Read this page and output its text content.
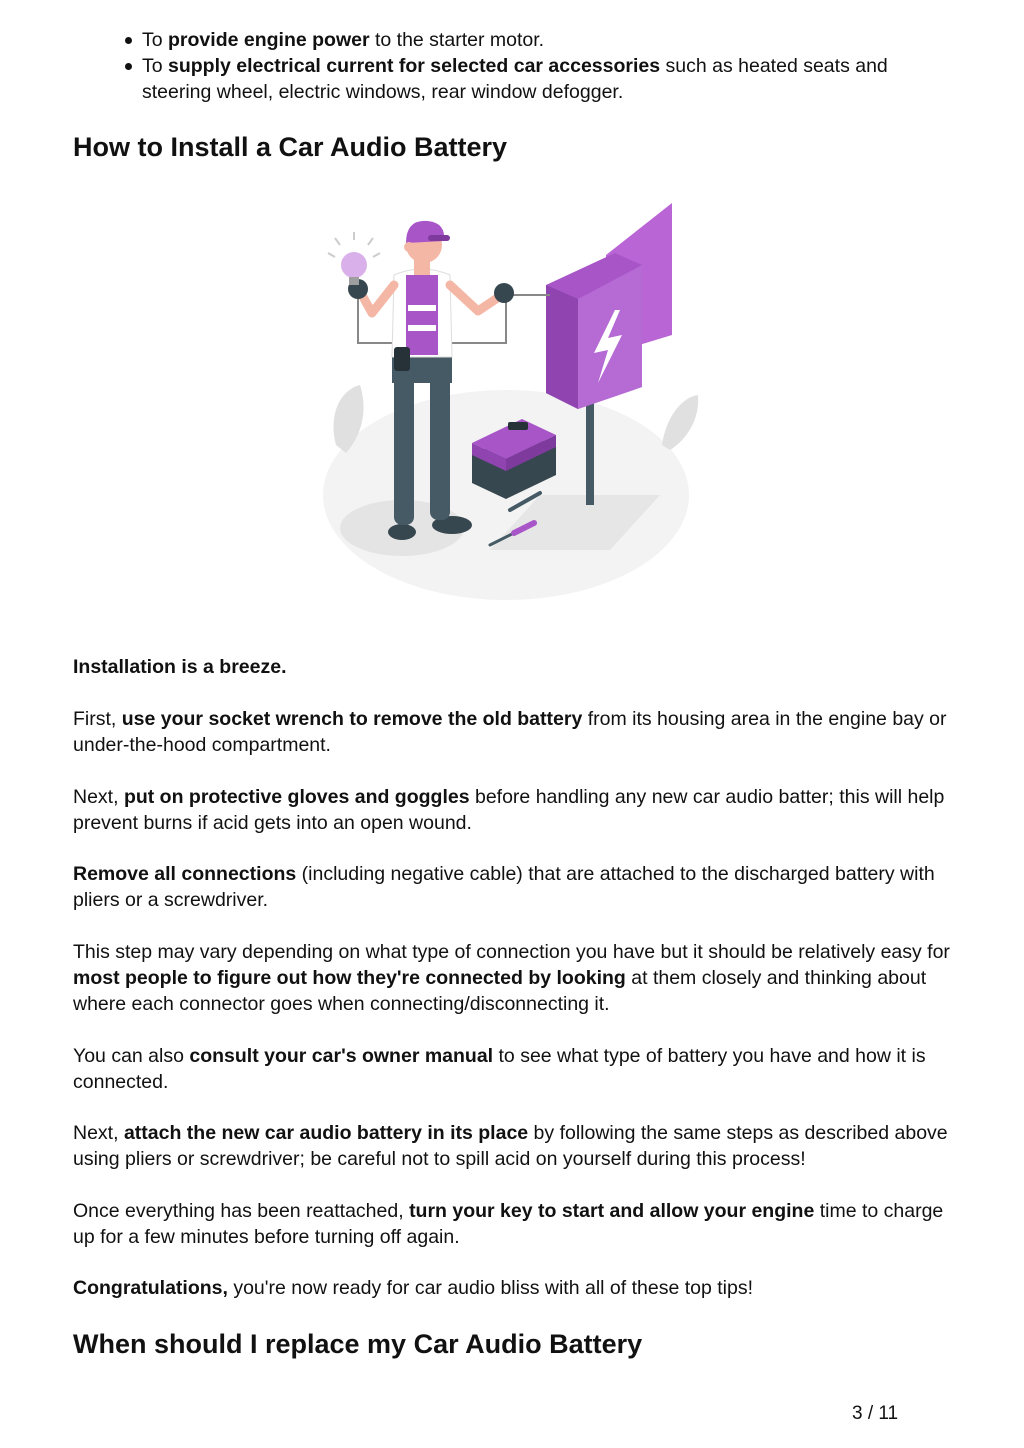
To provide engine power to the starter motor.
To supply electrical current for selected car accessories such as heated seats and steering wheel, electric windows, rear window defogger.
How to Install a Car Audio Battery

Installation is a breeze.

First, use your socket wrench to remove the old battery from its housing area in the engine bay or under-the-hood compartment.

Next, put on protective gloves and goggles before handling any new car audio batter; this will help prevent burns if acid gets into an open wound.

Remove all connections (including negative cable) that are attached to the discharged battery with pliers or a screwdriver.

This step may vary depending on what type of connection you have but it should be relatively easy for most people to figure out how they're connected by looking at them closely and thinking about where each connector goes when connecting/disconnecting it.

You can also consult your car's owner manual to see what type of battery you have and how it is connected.

Next, attach the new car audio battery in its place by following the same steps as described above using pliers or screwdriver; be careful not to spill acid on yourself during this process!

Once everything has been reattached, turn your key to start and allow your engine time to charge up for a few minutes before turning off again.

Congratulations, you're now ready for car audio bliss with all of these top tips!

When should I replace my Car Audio Battery
3 / 11
